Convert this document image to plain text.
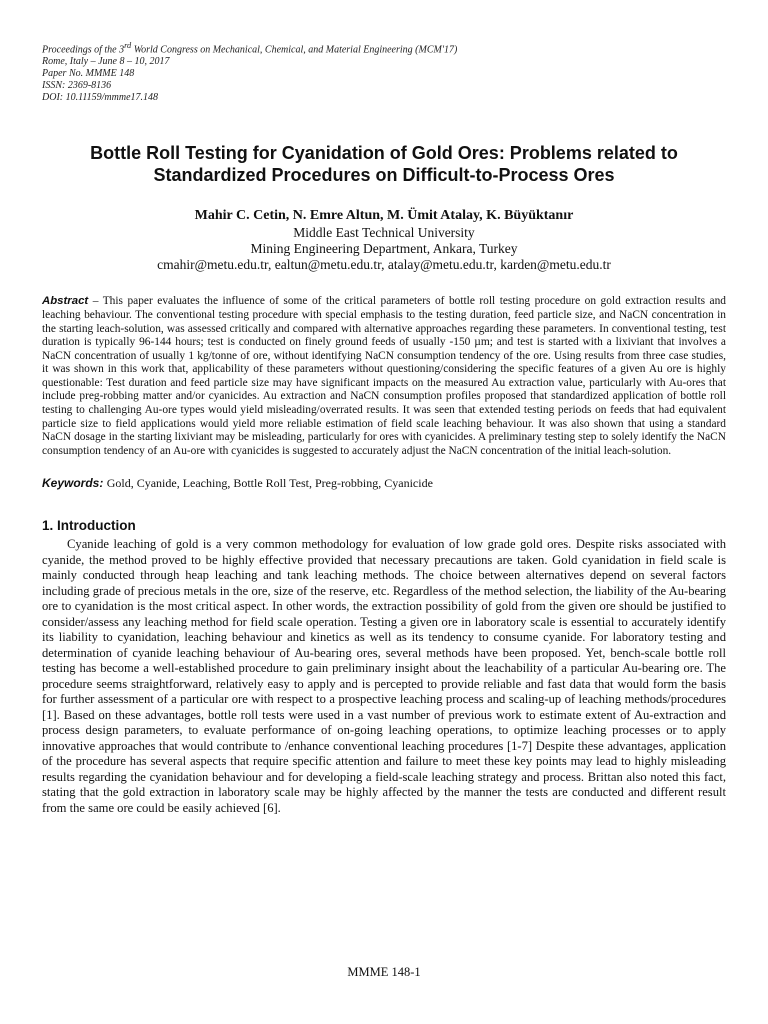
Proceedings of the 3rd World Congress on Mechanical, Chemical, and Material Engineering (MCM'17)
Rome, Italy – June 8 – 10, 2017
Paper No. MMME 148
ISSN: 2369-8136
DOI: 10.11159/mmme17.148
Bottle Roll Testing for Cyanidation of Gold Ores: Problems related to
Standardized Procedures on Difficult-to-Process Ores
Mahir C. Cetin, N. Emre Altun, M. Ümit Atalay, K. Büyüktanır
Middle East Technical University
Mining Engineering Department, Ankara, Turkey
cmahir@metu.edu.tr, ealtun@metu.edu.tr, atalay@metu.edu.tr, karden@metu.edu.tr
Abstract – This paper evaluates the influence of some of the critical parameters of bottle roll testing procedure on gold extraction results and leaching behaviour. The conventional testing procedure with special emphasis to the testing duration, feed particle size, and NaCN concentration in the starting leach-solution, was assessed critically and compared with alternative approaches regarding these parameters. In conventional testing, test duration is typically 96-144 hours; test is conducted on finely ground feeds of usually -150 µm; and test is started with a lixiviant that involves a NaCN concentration of usually 1 kg/tonne of ore, without identifying NaCN consumption tendency of the ore. Using results from three case studies, it was shown in this work that, applicability of these parameters without questioning/considering the specific features of a given Au ore is highly questionable: Test duration and feed particle size may have significant impacts on the measured Au extraction value, particularly with Au-ores that include preg-robbing matter and/or cyanicides. Au extraction and NaCN consumption profiles proposed that standardized application of bottle roll testing to challenging Au-ore types would yield misleading/overrated results. It was seen that extended testing periods on feeds that had equivalent particle size to field applications would yield more reliable estimation of field scale leaching behaviour. It was also shown that using a standard NaCN dosage in the starting lixiviant may be misleading, particularly for ores with cyanicides. A preliminary testing step to solely identify the NaCN consumption tendency of an Au-ore with cyanicides is suggested to accurately adjust the NaCN concentration of the initial leach-solution.
Keywords: Gold, Cyanide, Leaching, Bottle Roll Test, Preg-robbing, Cyanicide
1. Introduction
Cyanide leaching of gold is a very common methodology for evaluation of low grade gold ores. Despite risks associated with cyanide, the method proved to be highly effective provided that necessary precautions are taken. Gold cyanidation in field scale is mainly conducted through heap leaching and tank leaching methods. The choice between alternatives depend on several factors including grade of precious metals in the ore, size of the reserve, etc. Regardless of the method selection, the liability of the Au-bearing ore to cyanidation is the most critical aspect. In other words, the extraction possibility of gold from the given ore should be justified to consider/assess any leaching method for field scale operation. Testing a given ore in laboratory scale is essential to accurately identify its liability to cyanidation, leaching behaviour and kinetics as well as its tendency to consume cyanide. For laboratory testing and determination of cyanide leaching behaviour of Au-bearing ores, several methods have been proposed. Yet, bench-scale bottle roll testing has become a well-established procedure to gain preliminary insight about the leachability of a particular Au-bearing ore. The procedure seems straightforward, relatively easy to apply and is percepted to provide reliable and fast data that would form the basis for further assessment of a particular ore with respect to a prospective leaching process and scaling-up of leaching methods/procedures [1]. Based on these advantages, bottle roll tests were used in a vast number of previous work to estimate extent of Au-extraction and process design parameters, to evaluate performance of on-going leaching operations, to optimize leaching processes or to apply innovative approaches that would contribute to /enhance conventional leaching procedures [1-7] Despite these advantages, application of the procedure has several aspects that require specific attention and failure to meet these key points may lead to highly misleading results regarding the cyanidation behaviour and for developing a field-scale leaching strategy and process. Brittan also noted this fact, stating that the gold extraction in laboratory scale may be highly affected by the manner the tests are conducted and different result from the same ore could be easily achieved [6].
MMME 148-1
